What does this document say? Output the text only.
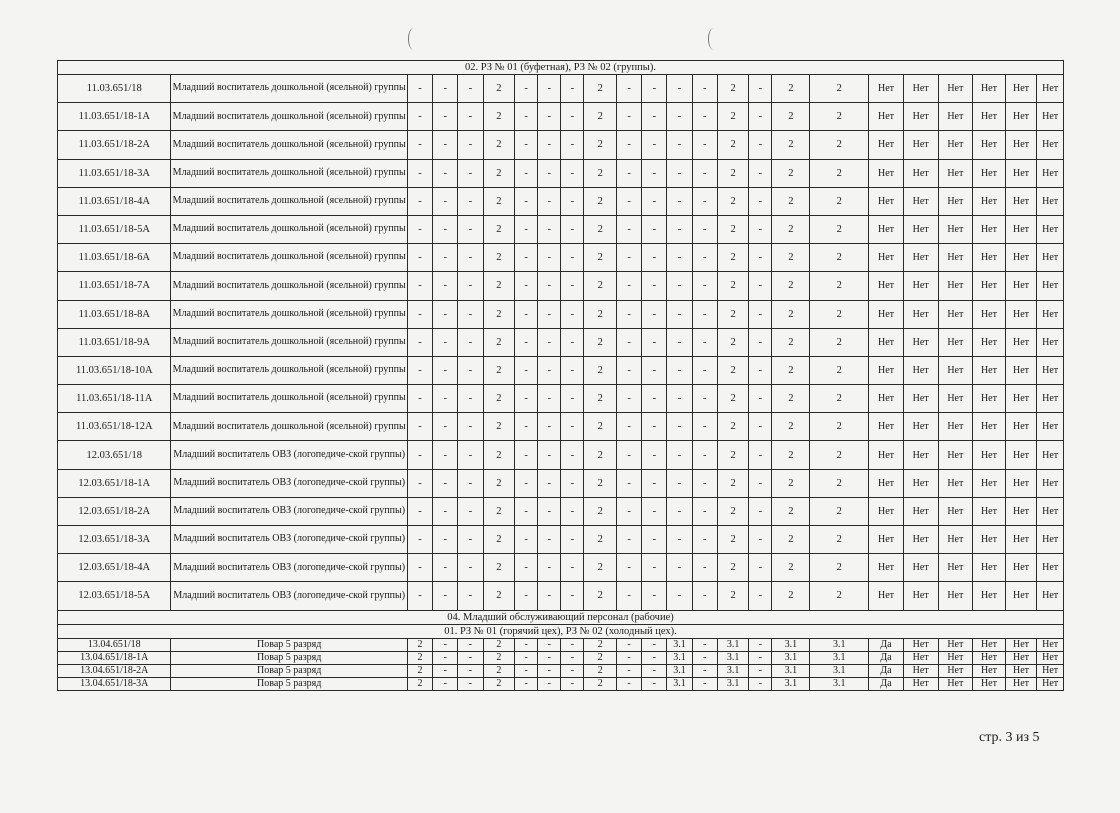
02. РЗ № 01 (буфетная), РЗ № 02 (группы).																							
11.03.651/18	Младший воспитатель дошкольной (ясельной) группы	-	-	-	2	-	-	-	2	-	-	-	-	2	-	2	2	Нет	Нет	Нет	Нет	Нет	Нет
11.03.651/18-1А	Младший воспитатель дошкольной (ясельной) группы	-	-	-	2	-	-	-	2	-	-	-	-	2	-	2	2	Нет	Нет	Нет	Нет	Нет	Нет
11.03.651/18-2А	Младший воспитатель дошкольной (ясельной) группы	-	-	-	2	-	-	-	2	-	-	-	-	2	-	2	2	Нет	Нет	Нет	Нет	Нет	Нет
11.03.651/18-3А	Младший воспитатель дошкольной (ясельной) группы	-	-	-	2	-	-	-	2	-	-	-	-	2	-	2	2	Нет	Нет	Нет	Нет	Нет	Нет
11.03.651/18-4А	Младший воспитатель дошкольной (ясельной) группы	-	-	-	2	-	-	-	2	-	-	-	-	2	-	2	2	Нет	Нет	Нет	Нет	Нет	Нет
11.03.651/18-5А	Младший воспитатель дошкольной (ясельной) группы	-	-	-	2	-	-	-	2	-	-	-	-	2	-	2	2	Нет	Нет	Нет	Нет	Нет	Нет
11.03.651/18-6А	Младший воспитатель дошкольной (ясельной) группы	-	-	-	2	-	-	-	2	-	-	-	-	2	-	2	2	Нет	Нет	Нет	Нет	Нет	Нет
11.03.651/18-7А	Младший воспитатель дошкольной (ясельной) группы	-	-	-	2	-	-	-	2	-	-	-	-	2	-	2	2	Нет	Нет	Нет	Нет	Нет	Нет
11.03.651/18-8А	Младший воспитатель дошкольной (ясельной) группы	-	-	-	2	-	-	-	2	-	-	-	-	2	-	2	2	Нет	Нет	Нет	Нет	Нет	Нет
11.03.651/18-9А	Младший воспитатель дошкольной (ясельной) группы	-	-	-	2	-	-	-	2	-	-	-	-	2	-	2	2	Нет	Нет	Нет	Нет	Нет	Нет
11.03.651/18-10А	Младший воспитатель дошкольной (ясельной) группы	-	-	-	2	-	-	-	2	-	-	-	-	2	-	2	2	Нет	Нет	Нет	Нет	Нет	Нет
11.03.651/18-11А	Младший воспитатель дошкольной (ясельной) группы	-	-	-	2	-	-	-	2	-	-	-	-	2	-	2	2	Нет	Нет	Нет	Нет	Нет	Нет
11.03.651/18-12А	Младший воспитатель дошкольной (ясельной) группы	-	-	-	2	-	-	-	2	-	-	-	-	2	-	2	2	Нет	Нет	Нет	Нет	Нет	Нет
12.03.651/18	Младший воспитатель ОВЗ (логопедиче-ской группы)	-	-	-	2	-	-	-	2	-	-	-	-	2	-	2	2	Нет	Нет	Нет	Нет	Нет	Нет
12.03.651/18-1А	Младший воспитатель ОВЗ (логопедиче-ской группы)	-	-	-	2	-	-	-	2	-	-	-	-	2	-	2	2	Нет	Нет	Нет	Нет	Нет	Нет
12.03.651/18-2А	Младший воспитатель ОВЗ (логопедиче-ской группы)	-	-	-	2	-	-	-	2	-	-	-	-	2	-	2	2	Нет	Нет	Нет	Нет	Нет	Нет
12.03.651/18-3А	Младший воспитатель ОВЗ (логопедиче-ской группы)	-	-	-	2	-	-	-	2	-	-	-	-	2	-	2	2	Нет	Нет	Нет	Нет	Нет	Нет
12.03.651/18-4А	Младший воспитатель ОВЗ (логопедиче-ской группы)	-	-	-	2	-	-	-	2	-	-	-	-	2	-	2	2	Нет	Нет	Нет	Нет	Нет	Нет
12.03.651/18-5А	Младший воспитатель ОВЗ (логопедиче-ской группы)	-	-	-	2	-	-	-	2	-	-	-	-	2	-	2	2	Нет	Нет	Нет	Нет	Нет	Нет
04. Младший обслуживающий персонал (рабочие)																							
01. РЗ № 01 (горячий цех), РЗ № 02 (холодный цех).																							
13.04.651/18	Повар 5 разряд	2	-	-	2	-	-	-	2	-	-	3.1	-	3.1	-	3.1	3.1	Да	Нет	Нет	Нет	Нет	Нет
13.04.651/18-1А	Повар 5 разряд	2	-	-	2	-	-	-	2	-	-	3.1	-	3.1	-	3.1	3.1	Да	Нет	Нет	Нет	Нет	Нет
13.04.651/18-2А	Повар 5 разряд	2	-	-	2	-	-	-	2	-	-	3.1	-	3.1	-	3.1	3.1	Да	Нет	Нет	Нет	Нет	Нет
13.04.651/18-3А	Повар 5 разряд	2	-	-	2	-	-	-	2	-	-	3.1	-	3.1	-	3.1	3.1	Да	Нет	Нет	Нет	Нет	Нет
стр. 3 из 5
